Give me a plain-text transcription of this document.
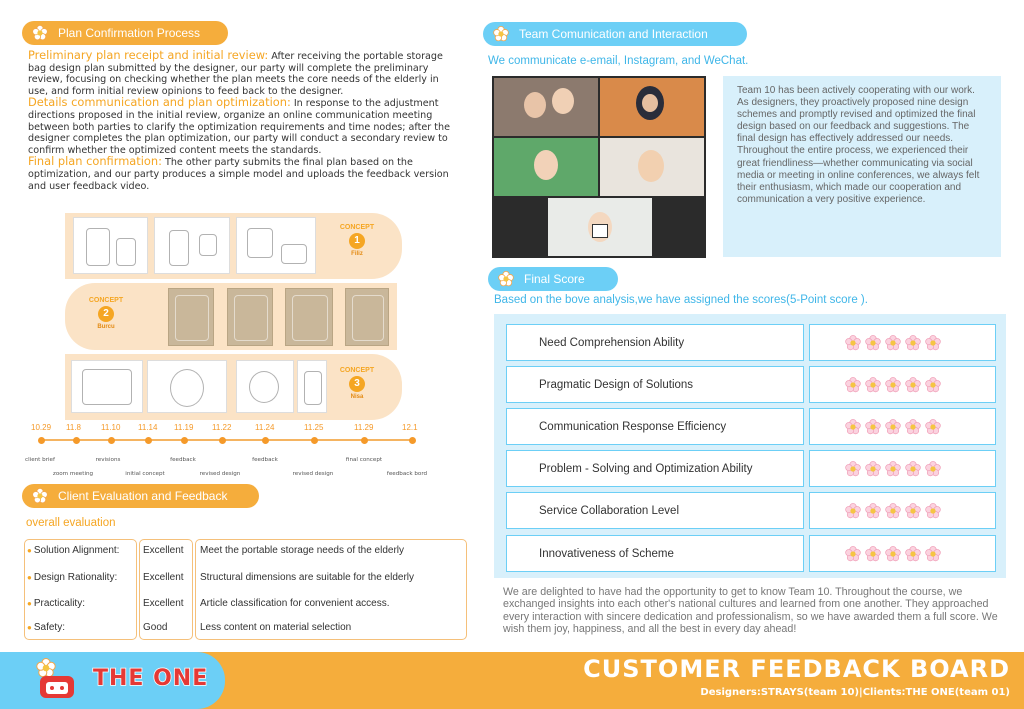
Plan Confirmation Process
Preliminary plan receipt and initial review: After receiving the portable storage bag design plan submitted by the designer, our party will complete the preliminary review, focusing on checking whether the plan meets the core needs of the elderly in use, and form initial review opinions to feed back to the designer.
Details communication and plan optimization: In response to the adjustment directions proposed in the initial review, organize an online communication meeting between both parties to clarify the optimization requirements and time nodes; after the designer completes the plan optimization, our party will conduct a secondary review to confirm whether the optimized content meets the standards.
Final plan confirmation: The other party submits the final plan based on the optimization, and our party produces a simple model and uploads the feedback version and user feedback video.
CONCEPT
1
Filiz
CONCEPT
2
Burcu
CONCEPT
3
Nisa
10.29 11.8	11.10 11.14 11.19 11.22	11.24	11.25	11.29	12.1
client brief	revisions	feedback	feedback	final concept
zoom meeting	initial concept	revised design	revised design	feedback bord
Client Evaluation and Feedback
overall evaluation
● Solution Alignment: Excellent Meet the portable storage needs of the elderly
● Design Rationality:	Excellent Structural dimensions are suitable for the elderly
● Practicality:	Excellent Article classification for convenient access.
● Safety:	Good	Less content on material selection
Team Comunication and Interaction
We communicate e-email, Instagram, and WeChat.
Team 10 has been actively cooperating with our work. As designers, they proactively proposed nine design schemes and promptly revised and optimized the final design based on our feedback and suggestions. The final design has effectively addressed our needs. Throughout the entire process, we experienced their great friendliness—whether communicating via social media or meeting in online conferences, we always felt their enthusiasm, which made our cooperation and communication a very positive experience.
Final Score
Based on the bove analysis,we have assigned the scores(5-Point score ).
Need Comprehension Ability
Pragmatic Design of Solutions
Communication Response Efficiency
Problem - Solving and Optimization Ability
Service Collaboration Level
Innovativeness of Scheme
We are delighted to have had the opportunity to get to know Team 10. Throughout the course, we exchanged insights into each other's national cultures and learned from one another. They approached every interaction with sincere dedication and professionalism, so we have awarded them a full score. We wish them joy, happiness, and all the best in every day ahead!
THE ONE	CUSTOMER FEEDBACK BOARD
Designers:STRAYS(team 10)|Clients:THE ONE(team 01)
